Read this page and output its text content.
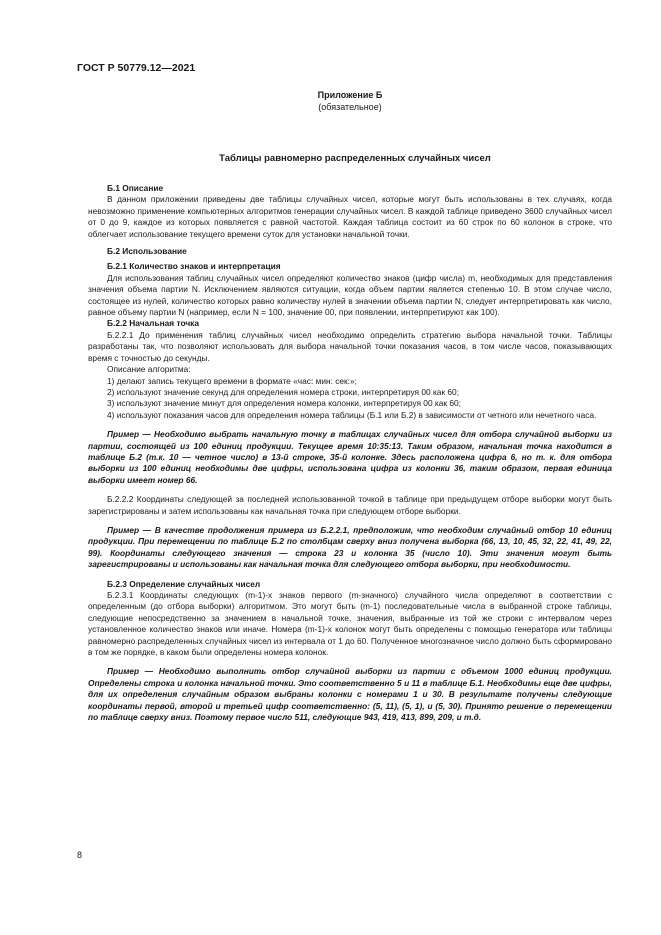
ГОСТ Р 50779.12—2021
Приложение Б
(обязательное)
Таблицы равномерно распределенных случайных чисел

Б.1 Описание

В данном приложении приведены две таблицы случайных чисел, которые могут быть использованы в тех случаях, когда невозможно применение компьютерных алгоритмов генерации случайных чисел. В каждой таблице приведено 3600 случайных чисел от 0 до 9, каждое из которых появляется с равной частотой. Каждая таблица состоит из 60 строк по 60 колонок в строке, что облегчает использование текущего времени суток для установки начальной точки.

Б.2 Использование

Б.2.1 Количество знаков и интерпретация

Для использования таблиц случайных чисел определяют количество знаков (цифр числа) m, необходимых для представления значения объема партии N. Исключением являются ситуации, когда объем партии является степенью 10. В этом случае число, состоящее из нулей, количество которых равно количеству нулей в значении объема партии N, следует интерпретировать как число, равное объему партии N (например, если N = 100, значение 00, при появлении, интерпретируют как 100).

Б.2.2 Начальная точка

Б.2.2.1 До применения таблиц случайных чисел необходимо определить стратегию выбора начальной точки. Таблицы разработаны так, что позволяют использовать для выбора начальной точки показания часов, в том числе часов, показывающих время с точностью до секунды.

Описание алгоритма:

1) делают запись текущего времени в формате «час: мин: сек:»;

2) используют значение секунд для определения номера строки, интерпретируя 00 как 60;

3) используют значение минут для определения номера колонки, интерпретируя 00 как 60;

4) используют показания часов для определения номера таблицы (Б.1 или Б.2) в зависимости от четного или нечетного часа.

Пример — Необходимо выбрать начальную точку в таблицах случайных чисел для отбора случайной выборки из партии, состоящей из 100 единиц продукции. Текущее время 10:35:13. Таким образом, начальная точка находится в таблице Б.2 (т.к. 10 — четное число) в 13-й строке, 35-й колонке. Здесь расположена цифра 6, но т. к. для отбора выборки из 100 единиц необходимы две цифры, использована цифра из колонки 36, таким образом, первая единица выборки имеет номер 66.

Б.2.2.2 Координаты следующей за последней использованной точкой в таблице при предыдущем отборе выборки могут быть зарегистрированы и затем использованы как начальная точка при следующем отборе выборки.

Пример — В качестве продолжения примера из Б.2.2.1, предположим, что необходим случайный отбор 10 единиц продукции. При перемещении по таблице Б.2 по столбцам сверху вниз получена выборка (66, 13, 10, 45, 32, 22, 41, 49, 22, 99). Координаты следующего значения — строка 23 и колонка 35 (число 10). Эти значения могут быть зарегистрированы и использованы как начальная точка для следующего отбора выборки, при необходимости.

Б.2.3 Определение случайных чисел

Б.2.3.1 Координаты следующих (m-1)-х знаков первого (m-значного) случайного числа определяют в соответствии с определенным (до отбора выборки) алгоритмом. Это могут быть (m-1) последовательные числа в выбранной строке таблицы, следующие непосредственно за значением в начальной точке, значения, выбранные из той же строки с интервалом через установленное количество знаков или иначе. Номера (m-1)-х колонок могут быть определены с помощью генератора или таблицы равномерно распределенных случайных чисел из интервала от 1 до 60. Полученное многозначное число должно быть сформировано в том же порядке, в каком были определены номера колонок.

Пример — Необходимо выполнить отбор случайной выборки из партии с объемом 1000 единиц продукции. Определены строка и колонка начальной точки. Это соответственно 5 и 11 в таблице Б.1. Необходимы еще две цифры, для их определения случайным образом выбраны колонки с номерами 1 и 30. В результате получены следующие координаты первой, второй и третьей цифр соответственно: (5, 11), (5, 1), и (5, 30). Принято решение о перемещении по таблице сверху вниз. Поэтому первое число 511, следующие 943, 419, 413, 899, 209, и т.д.

8
